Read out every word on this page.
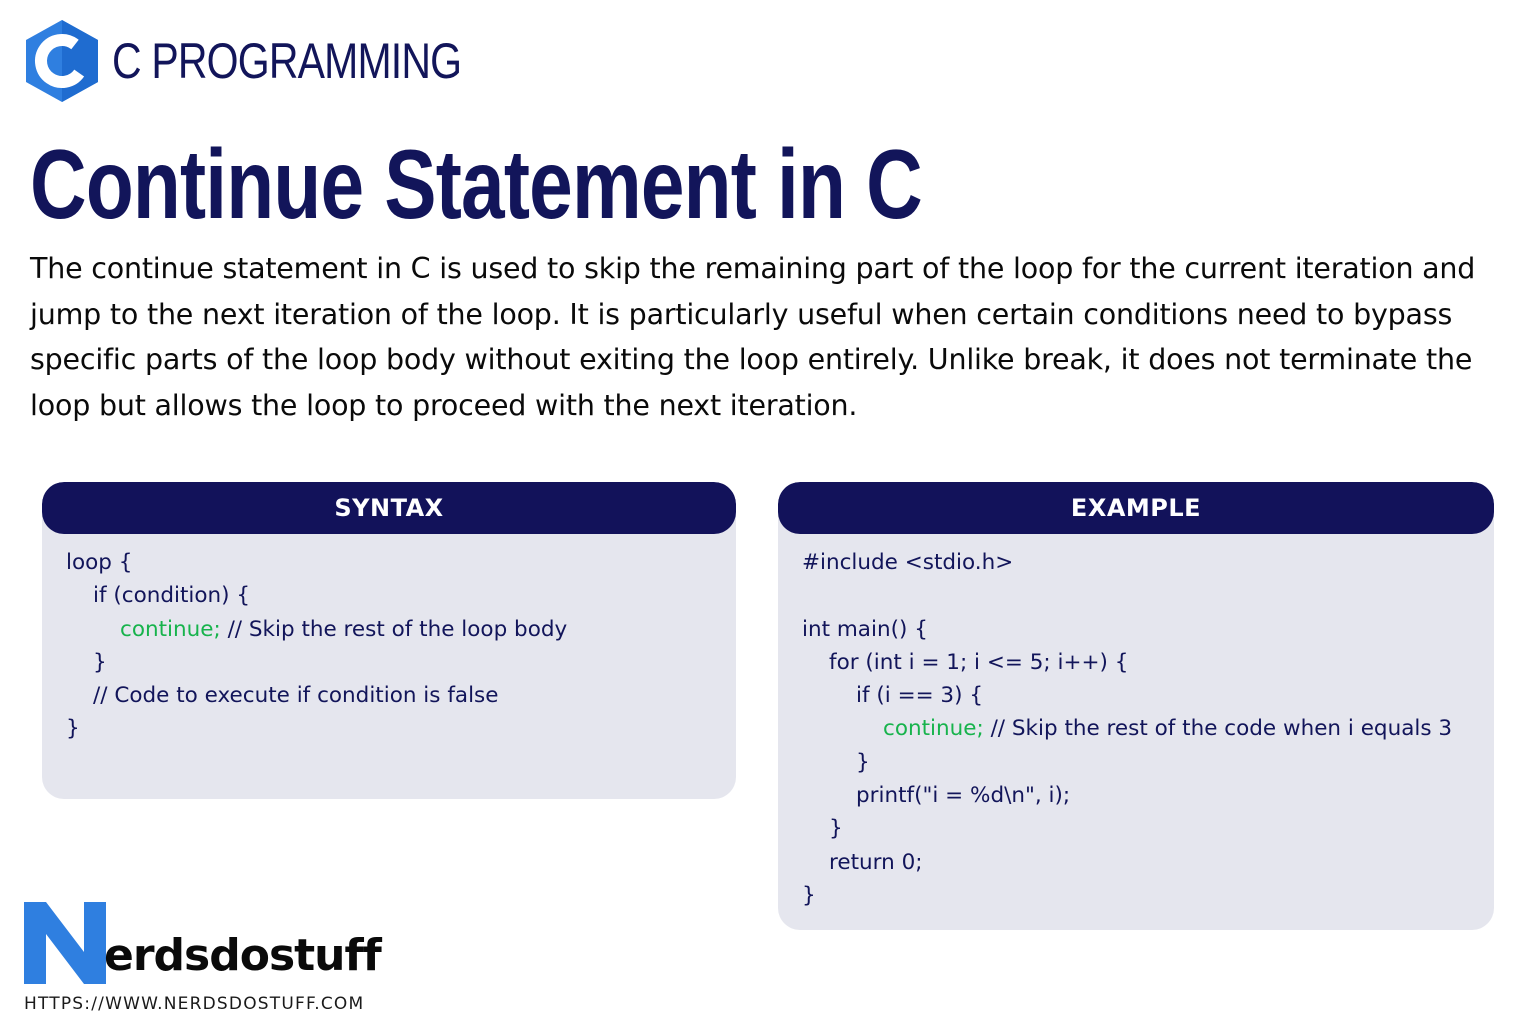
C PROGRAMMING
Continue Statement in C

The continue statement in C is used to skip the remaining part of the loop for the current iteration and jump to the next iteration of the loop. It is particularly useful when certain conditions need to bypass specific parts of the loop body without exiting the loop entirely. Unlike break, it does not terminate the loop but allows the loop to proceed with the next iteration.

SYNTAX
loop {
if (condition) {
continue; // Skip the rest of the loop body
}
// Code to execute if condition is false
}
EXAMPLE
#include <stdio.h>
int main() {
for (int i = 1; i <= 5; i++) {
if (i == 3) {
continue; // Skip the rest of the code when i equals 3
}
printf("i = %d\n", i);
}
return 0;
}
erdsdostuff
HTTPS://WWW.NERDSDOSTUFF.COM
